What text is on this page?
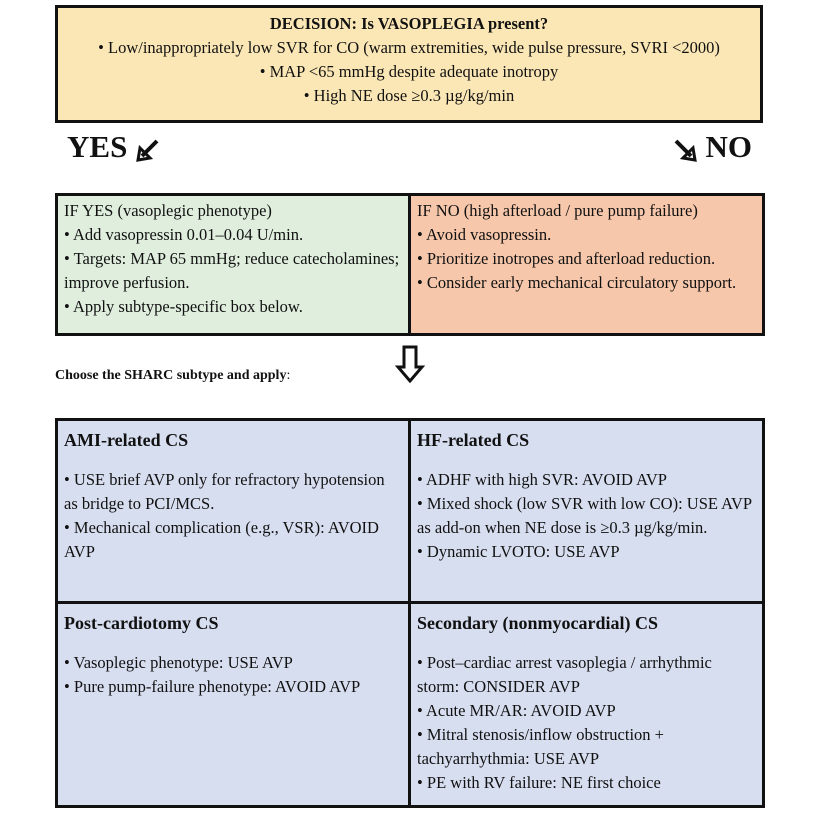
DECISION: Is VASOPLEGIA present?
• Low/inappropriately low SVR for CO (warm extremities, wide pulse pressure, SVRI <2000)
• MAP <65 mmHg despite adequate inotropy
• High NE dose ≥0.3 µg/kg/min
YES	NO
IF YES (vasoplegic phenotype)
• Add vasopressin 0.01–0.04 U/min.
• Targets: MAP 65 mmHg; reduce catecholamines; improve perfusion.
• Apply subtype-specific box below.
IF NO (high afterload / pure pump failure)
• Avoid vasopressin.
• Prioritize inotropes and afterload reduction.
• Consider early mechanical circulatory support.
Choose the SHARC subtype and apply:
AMI-related CS
• USE brief AVP only for refractory hypotension as bridge to PCI/MCS.
• Mechanical complication (e.g., VSR): AVOID AVP
HF-related CS
• ADHF with high SVR: AVOID AVP
• Mixed shock (low SVR with low CO): USE AVP as add-on when NE dose is ≥0.3 µg/kg/min.
• Dynamic LVOTO: USE AVP
Post-cardiotomy CS
• Vasoplegic phenotype: USE AVP
• Pure pump-failure phenotype: AVOID AVP
Secondary (nonmyocardial) CS
• Post–cardiac arrest vasoplegia / arrhythmic storm: CONSIDER AVP
• Acute MR/AR: AVOID AVP
• Mitral stenosis/inflow obstruction + tachyarrhythmia: USE AVP
• PE with RV failure: NE first choice
